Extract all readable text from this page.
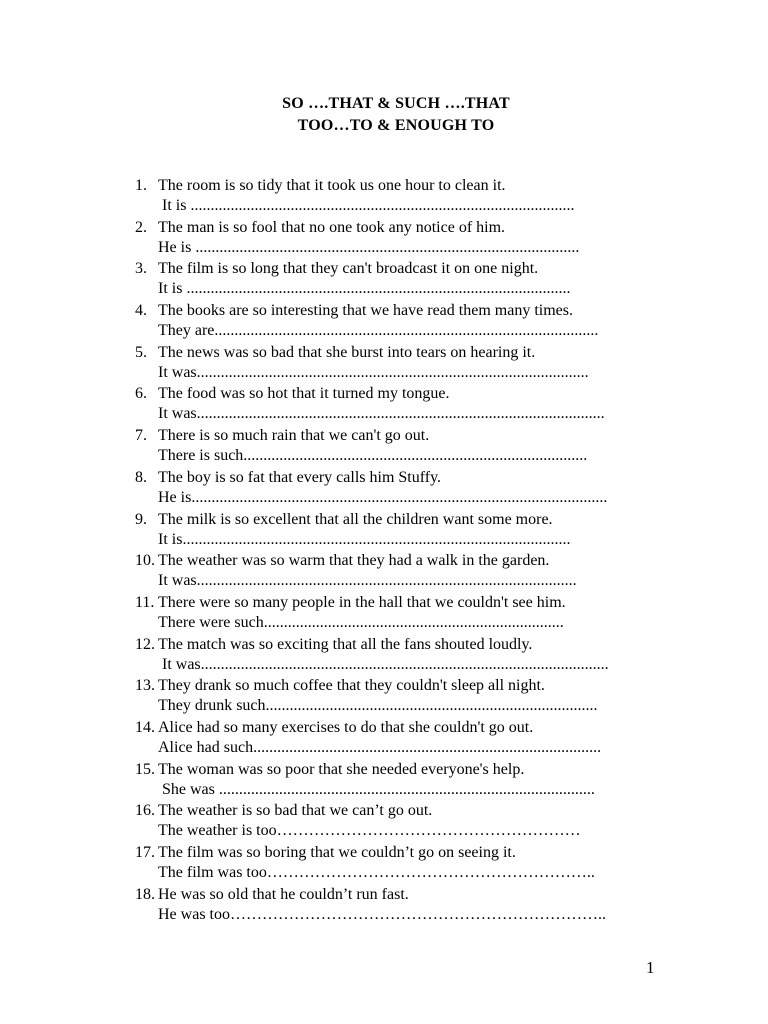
SO ….THAT & SUCH ….THAT
TOO…TO & ENOUGH TO
1. The room is so tidy that it took us one hour to clean it.
It is ................................................................................................
2. The man is so fool that no one took any notice of him.
He is ................................................................................................
3. The film is so long that they can't broadcast it on one night.
It is ................................................................................................
4. The books are so interesting that we have read them many times.
They are................................................................................................
5. The news was so bad that she burst into tears on hearing it.
It was..................................................................................................
6. The food was so hot that it turned my tongue.
It was......................................................................................................
7. There is so much rain that we can't go out.
There is such......................................................................................
8. The boy is so fat that every calls him Stuffy.
He is........................................................................................................
9. The milk is so excellent that all the children want some more.
It is.................................................................................................
10. The weather was so warm that they had a walk in the garden.
It was...............................................................................................
11. There were so many people in the hall that we couldn't see him.
There were such...........................................................................
12. The match was so exciting that all the fans shouted loudly.
It was......................................................................................................
13. They drank so much coffee that they couldn't sleep all night.
They drunk such...................................................................................
14. Alice had so many exercises to do that she couldn't go out.
Alice had such.......................................................................................
15. The woman was so poor that she needed everyone's help.
She was ..............................................................................................
16. The weather is so bad that we can’t go out.
The weather is too…………………………………………………
17. The film was so boring that we couldn’t go on seeing it.
The film was too……………………………………………………..
18. He was so old that he couldn’t run fast.
He was too……………………………………………………………..
1
